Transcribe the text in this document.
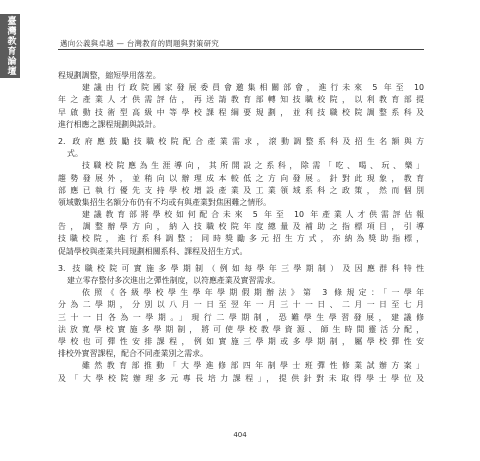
臺灣教育論壇	邁向公義與卓越 — 台灣教育的問題與對策研究
程規劃調整，縮短學用落差。
建議由行政院國家發展委員會邀集相關部會，進行未來 5 年至 10
年之產業人才供需評估，再送請教育部轉知技職校院，以利教育部提
早啟動技術型高級中等學校課程綱要規劃，並利技職校院調整系科及
進行相應之課程規劃與設計。
2. 政府應鼓勵技職校院配合產業需求，滾動調整系科及招生名額與方
式。
技職校院應為生涯導向，其所開設之系科，除需「吃、喝、玩、樂」
趨勢發展外，並稍向以辦理成本較低之方向發展。針對此現象，教育
部應已執行優先支持學校增設產業及工業領域系科之政策，然而個別
領域數集招生名額分布仍有不均或有與產業對焦困難之情形。
建議教育部將學校如何配合未來 5 年至 10 年產業人才供需評估報
告，調整辦學方向，納入技職校院年度總量及補助之指標項目，引導
技職校院，進行系科調整；同時獎勵多元招生方式，亦納為獎助指標，
促請學校與產業共同規劃相關系科、課程及招生方式。
3. 技職校院可實施多學期制（例如每學年三學期制）及因應群科特性
建立零存整付多次進出之彈性制度，以符應產業及實習需求。
依照《各級學校學生學年學期假期辦法》第 3 條規定：「一學年
分為二學期，分別以八月一日至翌年一月三十一日、二月一日至七月
三十一日各為一學期。」現行二學期制，恐難學生學習發展，建議修
法放寬學校實施多學期制，將可使學校教學資源、師生時間靈活分配，
學校也可彈性安排課程，例如實施三學期或多學期制，屬學校彈性安
排校外實習課程，配合不同產業別之需求。
雖然教育部推動「大學進修部四年制學士班彈性修業試辦方案」
及「大學校院辦理多元專長培力課程」，提供針對未取得學士學位及
404
